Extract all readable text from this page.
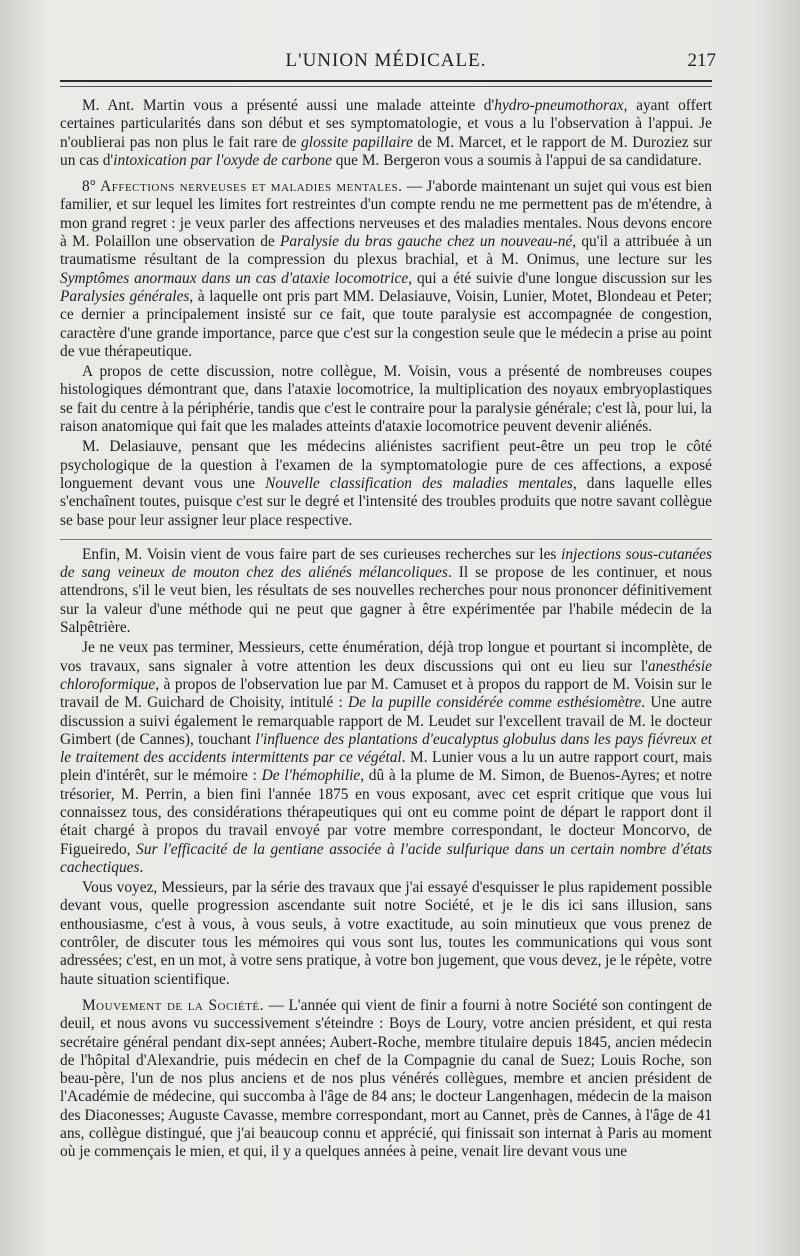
L'UNION MÉDICALE.	217

M. Ant. Martin vous a présenté aussi une malade atteinte d'hydro-pneumothorax, ayant offert certaines particularités dans son début et ses symptomatologie, et vous a lu l'observation à l'appui. Je n'oublierai pas non plus le fait rare de glossite papillaire de M. Marcet, et le rapport de M. Duroziez sur un cas d'intoxication par l'oxyde de carbone que M. Bergeron vous a soumis à l'appui de sa candidature.

8° Affections nerveuses et maladies mentales. — J'aborde maintenant un sujet qui vous est bien familier, et sur lequel les limites fort restreintes d'un compte rendu ne me permettent pas de m'étendre, à mon grand regret : je veux parler des affections nerveuses et des maladies mentales. Nous devons encore à M. Polaillon une observation de Paralysie du bras gauche chez un nouveau-né, qu'il a attribuée à un traumatisme résultant de la compression du plexus brachial, et à M. Onimus, une lecture sur les Symptômes anormaux dans un cas d'ataxie locomotrice, qui a été suivie d'une longue discussion sur les Paralysies générales, à laquelle ont pris part MM. Delasiauve, Voisin, Lunier, Motet, Blondeau et Peter; ce dernier a principalement insisté sur ce fait, que toute paralysie est accompagnée de congestion, caractère d'une grande importance, parce que c'est sur la congestion seule que le médecin a prise au point de vue thérapeutique.

A propos de cette discussion, notre collègue, M. Voisin, vous a présenté de nombreuses coupes histologiques démontrant que, dans l'ataxie locomotrice, la multiplication des noyaux embryoplastiques se fait du centre à la périphérie, tandis que c'est le contraire pour la paralysie générale; c'est là, pour lui, la raison anatomique qui fait que les malades atteints d'ataxie locomotrice peuvent devenir aliénés.

M. Delasiauve, pensant que les médecins aliénistes sacrifient peut-être un peu trop le côté psychologique de la question à l'examen de la symptomatologie pure de ces affections, a exposé longuement devant vous une Nouvelle classification des maladies mentales, dans laquelle elles s'enchaînent toutes, puisque c'est sur le degré et l'intensité des troubles produits que notre savant collègue se base pour leur assigner leur place respective.

Enfin, M. Voisin vient de vous faire part de ses curieuses recherches sur les injections sous-cutanées de sang veineux de mouton chez des aliénés mélancoliques. Il se propose de les continuer, et nous attendrons, s'il le veut bien, les résultats de ses nouvelles recherches pour nous prononcer définitivement sur la valeur d'une méthode qui ne peut que gagner à être expérimentée par l'habile médecin de la Salpêtrière.

Je ne veux pas terminer, Messieurs, cette énumération, déjà trop longue et pourtant si incomplète, de vos travaux, sans signaler à votre attention les deux discussions qui ont eu lieu sur l'anesthésie chloroformique, à propos de l'observation lue par M. Camuset et à propos du rapport de M. Voisin sur le travail de M. Guichard de Choisity, intitulé : De la pupille considérée comme esthésiomètre. Une autre discussion a suivi également le remarquable rapport de M. Leudet sur l'excellent travail de M. le docteur Gimbert (de Cannes), touchant l'influence des plantations d'eucalyptus globulus dans les pays fiévreux et le traitement des accidents intermittents par ce végétal. M. Lunier vous a lu un autre rapport court, mais plein d'intérêt, sur le mémoire : De l'hémophilie, dû à la plume de M. Simon, de Buenos-Ayres; et notre trésorier, M. Perrin, a bien fini l'année 1875 en vous exposant, avec cet esprit critique que vous lui connaissez tous, des considérations thérapeutiques qui ont eu comme point de départ le rapport dont il était chargé à propos du travail envoyé par votre membre correspondant, le docteur Moncorvo, de Figueiredo, Sur l'efficacité de la gentiane associée à l'acide sulfurique dans un certain nombre d'états cachectiques.

Vous voyez, Messieurs, par la série des travaux que j'ai essayé d'esquisser le plus rapidement possible devant vous, quelle progression ascendante suit notre Société, et je le dis ici sans illusion, sans enthousiasme, c'est à vous, à vous seuls, à votre exactitude, au soin minutieux que vous prenez de contrôler, de discuter tous les mémoires qui vous sont lus, toutes les communications qui vous sont adressées; c'est, en un mot, à votre sens pratique, à votre bon jugement, que vous devez, je le répète, votre haute situation scientifique.

Mouvement de la Société. — L'année qui vient de finir a fourni à notre Société son contingent de deuil, et nous avons vu successivement s'éteindre : Boys de Loury, votre ancien président, et qui resta secrétaire général pendant dix-sept années; Aubert-Roche, membre titulaire depuis 1845, ancien médecin de l'hôpital d'Alexandrie, puis médecin en chef de la Compagnie du canal de Suez; Louis Roche, son beau-père, l'un de nos plus anciens et de nos plus vénérés collègues, membre et ancien président de l'Académie de médecine, qui succomba à l'âge de 84 ans; le docteur Langenhagen, médecin de la maison des Diaconesses; Auguste Cavasse, membre correspondant, mort au Cannet, près de Cannes, à l'âge de 41 ans, collègue distingué, que j'ai beaucoup connu et apprécié, qui finissait son internat à Paris au moment où je commençais le mien, et qui, il y a quelques années à peine, venait lire devant vous une
